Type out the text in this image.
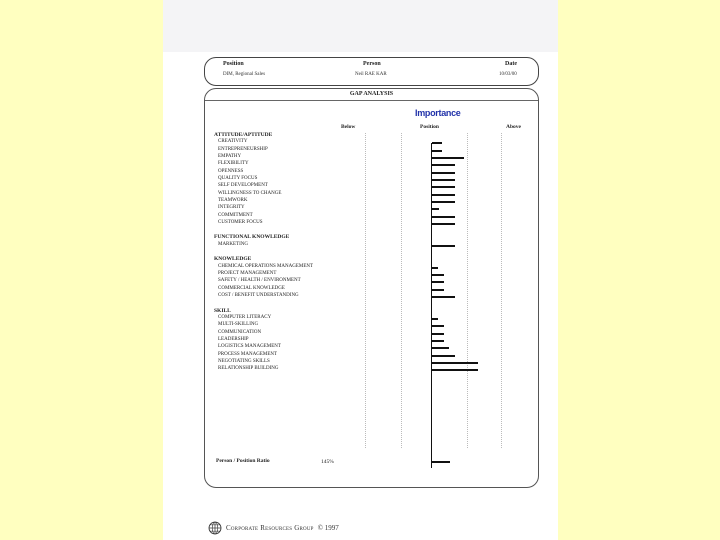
Position	Person	Date
DIM, Regional Sales	Neil RAE KAR	10/03/00
GAP ANALYSIS
Importance
Below	Position	Above
ATTITUDE/APTITUDE
CREATIVITY
ENTREPRENEURSHIP
EMPATHY
FLEXIBILITY
OPENNESS
QUALITY FOCUS
SELF DEVELOPMENT
WILLINGNESS TO CHANGE
TEAMWORK
INTEGRITY
COMMITMENT
CUSTOMER FOCUS
FUNCTIONAL KNOWLEDGE
MARKETING
KNOWLEDGE
CHEMICAL OPERATIONS MANAGEMENT
PROJECT MANAGEMENT
SAFETY / HEALTH / ENVIRONMENT
COMMERCIAL KNOWLEDGE
COST / BENEFIT UNDERSTANDING
SKILL
COMPUTER LITERACY
MULTI-SKILLING
COMMUNICATION
LEADERSHIP
LOGISTICS MANAGEMENT
PROCESS MANAGEMENT
NEGOTIATING SKILLS
RELATIONSHIP BUILDING
Person / Position Ratio	145%
Corporate Resources Group © 1997
